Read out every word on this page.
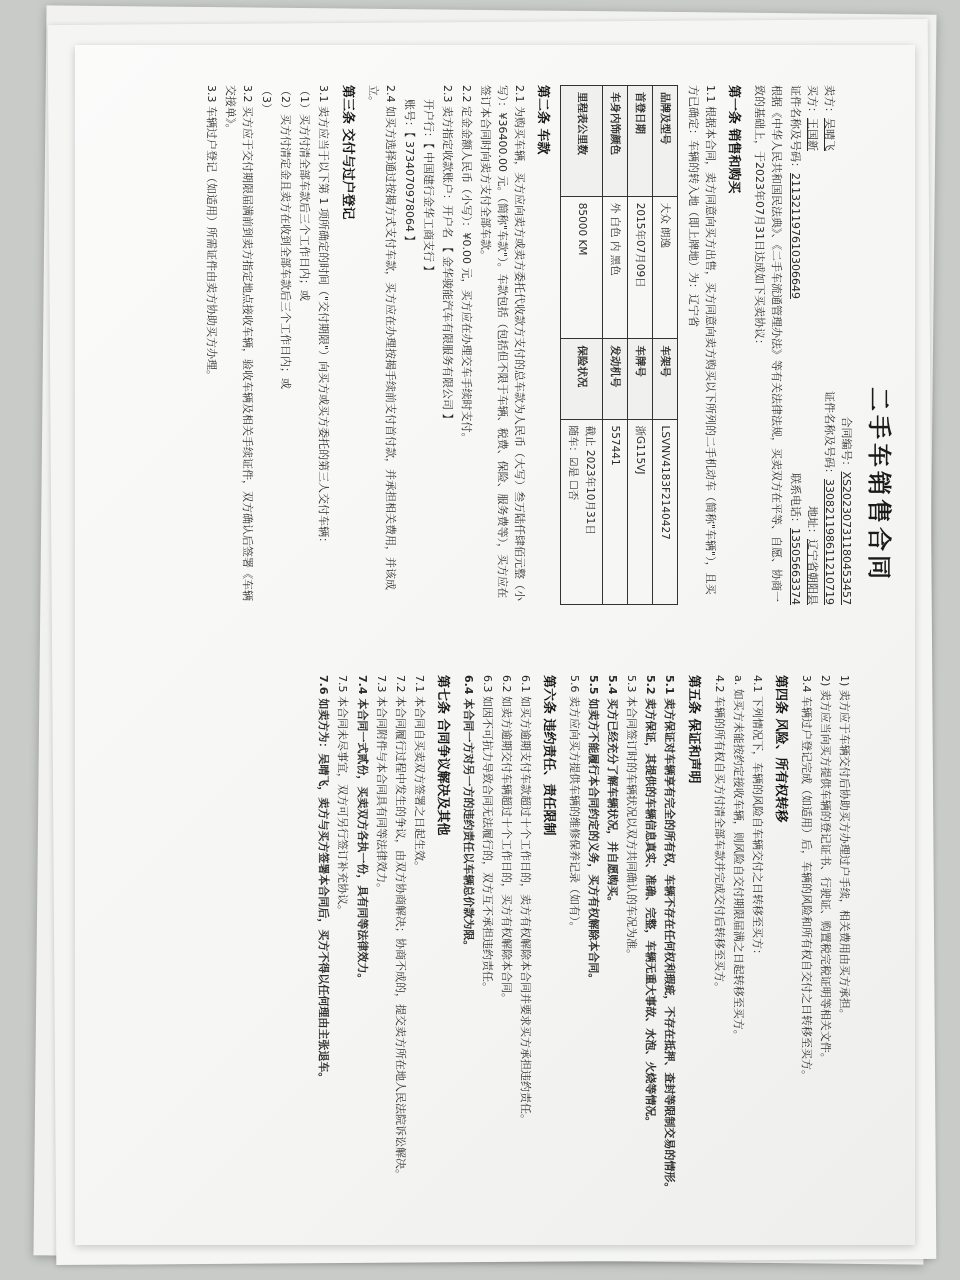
二手车销售合同
合同编号：XS20230731180453457
卖方：吴晴飞
证件名称及号码：330821198611210719
买方：王国新
地址：辽宁省朝阳县
证件名称及号码：211321197610306649
联系电话：13505663374

根据《中华人民共和国民法典》、《二手车流通管理办法》等有关法律法规，买卖双方在平等、自愿、协商一致的基础上，于2023年07月31日达成如下买卖协议：

第一条 销售和购买

1.1 根据本合同，卖方同意向买方出售，买方同意向卖方购买以下所列的二手机动车（简称"车辆"），且买方已确定：车辆的转入地（即上牌地）为：辽宁省

品牌及型号	大众 朗逸	车架号	LSVNV4183F2140427
首登日期	2015年07月09日	车牌号	浙G115VJ
车身内饰颜色	外 白色 内 黑色	发动机号	557441
里程表公里数	85000 KM	保险状况	截止 2023年10月31日
随车：☑是 ☐否
第二条 车款

2.1 为购买车辆，买方应向卖方或卖方委托代收款方支付的总车款为人民币（大写）叁万陆仟肆佰元整（小写）：¥36400.00 元。（简称"车款"）。车款包括（包括但不限于车辆、税费、保险、服务费等），买方应在签订本合同时向卖方支付全部车款。

2.2 定金金额人民币（小写）：¥0.00 元，买方应在办理交车手续时支付。

2.3 卖方指定收款账户：开户名 【 金华骏能汽车有限服务有限公司 】

开户行：【 中国建行金华工商支行 】

账号：【 3734070978064 】

2.4 如买方选择通过按揭方式支付车款，买方应在办理按揭手续前支付首付款，并承担相关费用，并该成立。

第三条 交付与过户登记

3.1 卖方应当于以下第 1 项所确定的时间（"交付期限"）向买方或买方委托的第三人交付车辆：

（1）买方付清全部车款后三个工作日内；或

（2）买方付清定金且卖方在收到全部车款后三个工作日内；或

（3）

3.2 买方应于交付期限届满前到卖方指定地点接收车辆，验收车辆及相关手续证件，双方确认后签署《车辆交接单》。

3.3 车辆过户登记（如适用）所需证件由卖方协助买方办理。

1) 卖方应于车辆交付后协助买方办理过户手续，相关费用由买方承担。

2) 卖方应当向买方提供车辆的登记证书、行驶证、购置税完税证明等相关文件。

3.4 车辆过户登记完成（如适用）后，车辆的风险和所有权自交付之日转移至买方。

第四条 风险、所有权转移

4.1 下列情况下，车辆的风险自车辆交付之日转移至买方：

a. 如买方未能按约定接收车辆，则风险自交付期限届满之日起转移至买方。

4.2 车辆的所有权自买方付清全部车款并完成交付后转移至买方。

第五条 保证和声明

5.1 卖方保证对车辆享有完全的所有权，车辆不存在任何权利瑕疵，不存在抵押、查封等限制交易的情形。

5.2 卖方保证，其提供的车辆信息真实、准确、完整，车辆无重大事故、水泡、火烧等情况。

5.3 本合同签订时的车辆状况以双方共同确认的车况为准。

5.4 买方已经充分了解车辆状况，并自愿购买。

5.5 如卖方不能履行本合同约定的义务，买方有权解除本合同。

5.6 卖方应向买方提供车辆的维修保养记录（如有）。

第六条 违约责任、责任限制

6.1 如买方逾期支付车款超过十个工作日的，卖方有权解除本合同并要求买方承担违约责任。

6.2 如卖方逾期交付车辆超过十个工作日的，买方有权解除本合同。

6.3 如因不可抗力导致合同无法履行的，双方互不承担违约责任。

6.4 本合同一方对另一方的违约责任以车辆总价款为限。

第七条 合同争议解决及其他

7.1 本合同自买卖双方签署之日起生效。

7.2 本合同履行过程中发生的争议，由双方协商解决；协商不成的，提交卖方所在地人民法院诉讼解决。

7.3 本合同附件与本合同具有同等法律效力。

7.4 本合同一式贰份，买卖双方各执一份，具有同等法律效力。

7.5 本合同未尽事宜，双方可另行签订补充协议。

7.6 如卖方为：吴晴飞，卖方与买方签署本合同后，买方不得以任何理由主张退车。
